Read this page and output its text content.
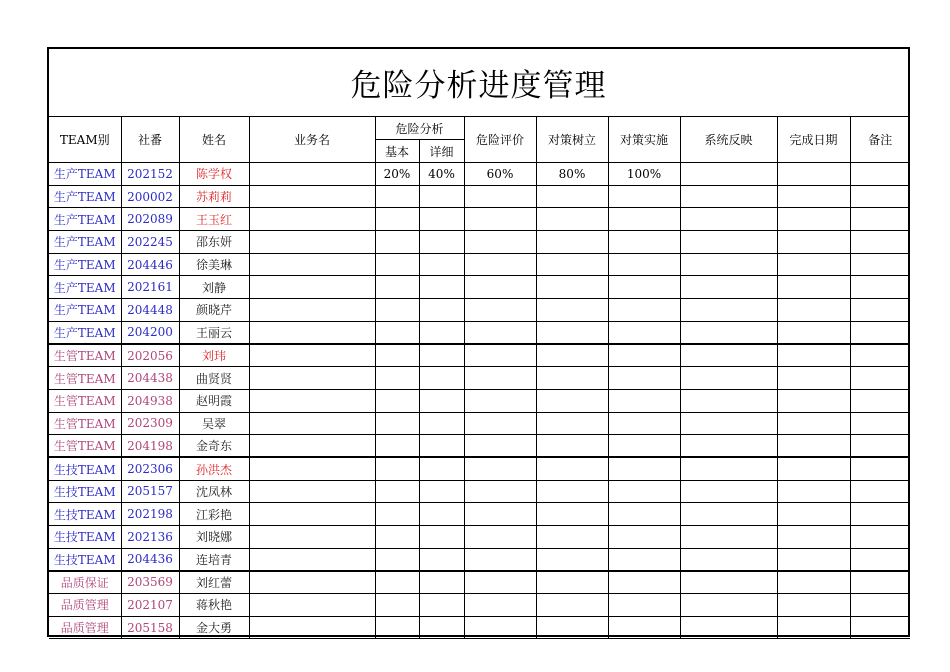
危险分析进度管理
TEAM别	社番	姓名	业务名	危险分析		危险评价	对策树立	对策实施	系统反映	完成日期	备注
				基本	详细						
生产TEAM	202152	陈学权		20%	40%	60%	80%	100%			
生产TEAM	200002	苏莉莉									
生产TEAM	202089	王玉红									
生产TEAM	202245	邵东妍									
生产TEAM	204446	徐美琳									
生产TEAM	202161	刘静									
生产TEAM	204448	颜晓芹									
生产TEAM	204200	王丽云									
生管TEAM	202056	刘玮									
生管TEAM	204438	曲贤贤									
生管TEAM	204938	赵明霞									
生管TEAM	202309	吴翠									
生管TEAM	204198	金奇东									
生技TEAM	202306	孙洪杰									
生技TEAM	205157	沈凤林									
生技TEAM	202198	江彩艳									
生技TEAM	202136	刘晓娜									
生技TEAM	204436	连培青									
品质保证	203569	刘红蕾									
品质管理	202107	蒋秋艳									
品质管理	205158	金大勇									
